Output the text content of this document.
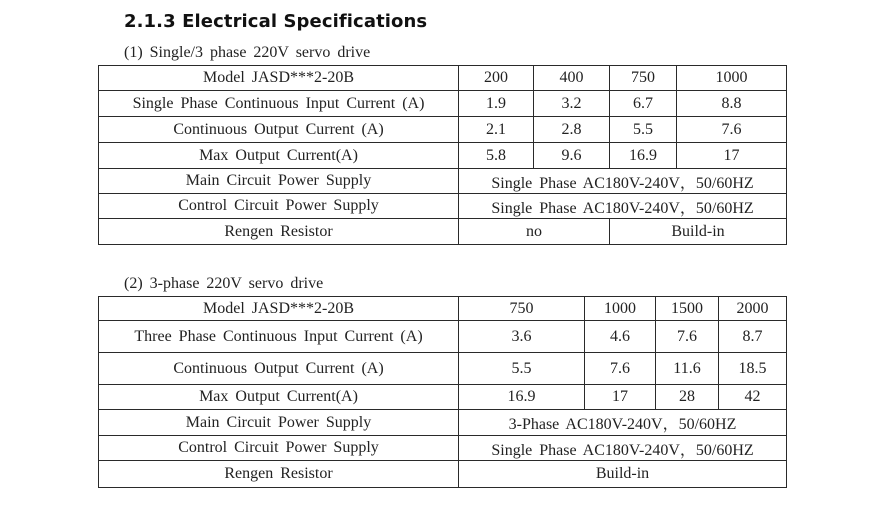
2.1.3 Electrical Specifications
(1) Single/3 phase 220V servo drive
Model JASD***2-20B	200	400	750	1000
Single Phase Continuous Input Current (A)	1.9	3.2	6.7	8.8
Continuous Output Current (A)	2.1	2.8	5.5	7.6
Max Output Current(A)	5.8	9.6	16.9	17
Main Circuit Power Supply	Single Phase AC180V-240V，50/60HZ			
Control Circuit Power Supply	Single Phase AC180V-240V，50/60HZ			
Rengen Resistor	no		Build-in	
(2) 3-phase 220V servo drive
Model JASD***2-20B	750	1000	1500	2000
Three Phase Continuous Input Current (A)	3.6	4.6	7.6	8.7
Continuous Output Current (A)	5.5	7.6	11.6	18.5
Max Output Current(A)	16.9	17	28	42
Main Circuit Power Supply	3-Phase AC180V-240V，50/60HZ			
Control Circuit Power Supply	Single Phase AC180V-240V，50/60HZ			
Rengen Resistor	Build-in			
